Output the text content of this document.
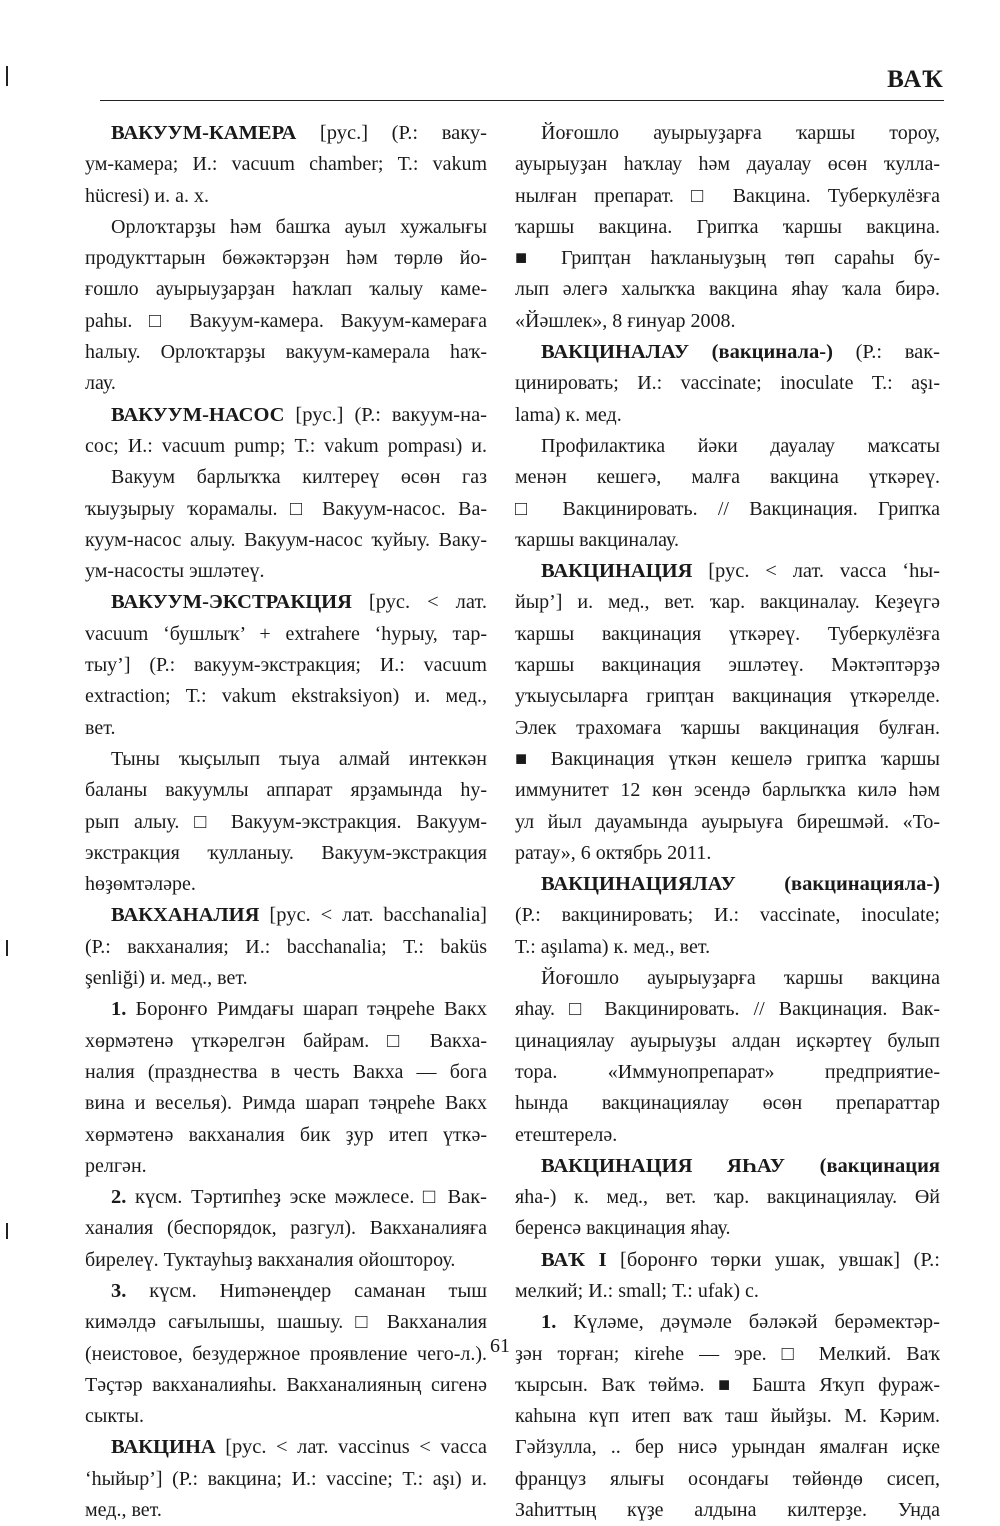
ВАҠ
ВАКУУМ-КАМЕРА [рус.] (Р.: ваку-
ум-камера; И.: vacuum chamber; Т.: vakum
hücresi) и. а. х.
Орлоҡтарҙы һәм башҡа ауыл хужалығы
продукттарын бөжәктәрҙән һәм төрлө йо-
ғошло ауырыуҙарҙан һаҡлап ҡалыу каме-
раһы. □ Вакуум-камера. Вакуум-камераға
һалыу. Орлоҡтарҙы вакуум-камерала һаҡ-
лау.
ВАКУУМ-НАСОС [рус.] (Р.: вакуум-на-
сос; И.: vacuum pump; Т.: vakum pompası) и.
Вакуум барлыҡҡа килтереү өсөн газ
ҡыуҙырыу ҡорамалы. □ Вакуум-насос. Ва-
куум-насос алыу. Вакуум-насос ҡуйыу. Ваку-
ум-насосты эшләтеү.
ВАКУУМ-ЭКСТРАКЦИЯ [рус. < лат.
vacuum ‘бушлыҡ’ + extrahere ‘һурыу, тар-
тыу’] (Р.: вакуум-экстракция; И.: vacuum
extraction; Т.: vakum ekstraksiyon) и. мед.,
вет.
Тыны ҡыҫылып тыуа алмай интеккән
баланы вакуумлы аппарат ярҙамында һу-
рып алыу. □ Вакуум-экстракция. Вакуум-
экстракция ҡулланыу. Вакуум-экстракция
һөҙөмтәләре.
ВАКХАНАЛИЯ [рус. < лат. bacchanalia]
(Р.: вакханалия; И.: bacchanalia; Т.: baküs
şenliği) и. мед., вет.
1. Боронғо Римдағы шарап тәңреһе Вакх
хөрмәтенә үткәрелгән байрам. □ Вакха-
налия (празднества в честь Вакха — бога
вина и веселья). Римда шарап тәңреһе Вакх
хөрмәтенә вакханалия бик ҙур итеп үткә-
релгән.
2. күсм. Тәртипһеҙ эске мәжлесе. □ Вак-
ханалия (беспорядок, разгул). Вакханалияға
бирелеү. Туктауһыҙ вакханалия ойоштороу.
3. күсм. Ниmәнеңдер саманан тыш
кимәлдә сағылышы, шашыу. □ Вакханалия
(неистовое, безудержное проявление чего-л.).
Тәҫтәр вакханалияһы. Вакханалияның сигенә
сыкты.
ВАКЦИНА [рус. < лат. vaccinus < vacca
‘һыйыр’] (Р.: вакцина; И.: vaccine; Т.: aşı) и.
мед., вет.
Йоғошло ауырыуҙарға ҡаршы тороу,
ауырыуҙан һаҡлау һәм дауалау өсөн ҡулла-
нылған препарат. □ Вакцина. Туберкулёзға
ҡаршы вакцина. Грипҡа ҡаршы вакцина.
■ Грипҭан һаҡланыуҙың төп сараһы бу-
лып әлегә халыҡҡа вакцина яһау ҡала бирә.
«Йәшлек», 8 ғинуар 2008.
ВАКЦИНАЛАУ (вакцинала-) (Р.: вак-
цинировать; И.: vaccinate; inoculate Т.: aşı-
lama) к. мед.
Профилактика йәки дауалау маҡсаты
менән кешегә, малға вакцина үткәреү.
□ Вакцинировать. // Вакцинация. Грипҡа
ҡаршы вакциналау.
ВАКЦИНАЦИЯ [рус. < лат. vacca ‘һы-
йыр’] и. мед., вет. ҡар. вакциналау. Кеҙеүгә
ҡаршы вакцинация үткәреү. Туберкулёзға
ҡаршы вакцинация эшләтеү. Мәктәптәрҙә
уҡыусыларға грипҭан вакцинация үткәрелде.
Элек трахомаға ҡаршы вакцинация булған.
■ Вакцинация үткән кешелә грипҡа ҡаршы
иммунитет 12 көн эсендә барлыҡҡа килә һәм
ул йыл дауамында ауырыуға бирешмәй. «То-
ратау», 6 октябрь 2011.
ВАКЦИНАЦИЯЛАУ (вакцинацияла-)
(Р.: вакцинировать; И.: vaccinate, inoculate;
Т.: aşılama) к. мед., вет.
Йоғошло ауырыуҙарға ҡаршы вакцина
яһау. □ Вакцинировать. // Вакцинация. Вак-
цинациялау ауырыуҙы алдан иҫкәртеү булып
тора. «Иммунопрепарат» предприятие-
һында вакцинациялау өсөн препараттар
етештерелә.
ВАКЦИНАЦИЯ ЯҺАУ (вакцинация
яһа-) к. мед., вет. ҡар. вакцинациялау. Өй
беренсә вакцинация яһау.
ВАҠ I [боронғо төрки ушак, увшак] (Р.:
мелкий; И.: small; Т.: ufak) с.
1. Күләме, дәүмәле бәләкәй берәмектәр-
ҙән торған; кireһе — эре. □ Мелкий. Ваҡ
ҡырсын. Ваҡ төймә. ■ Башта Яҡуп фураж-
каһына күп итеп ваҡ таш йыйҙы. М. Кәрим.
Гәйзулла, .. бер нисә урындан ямалған иҫке
француз ялығы осондағы төйөндө сисеп,
Заһиттың күҙе алдына килтерҙе. Унда
61
